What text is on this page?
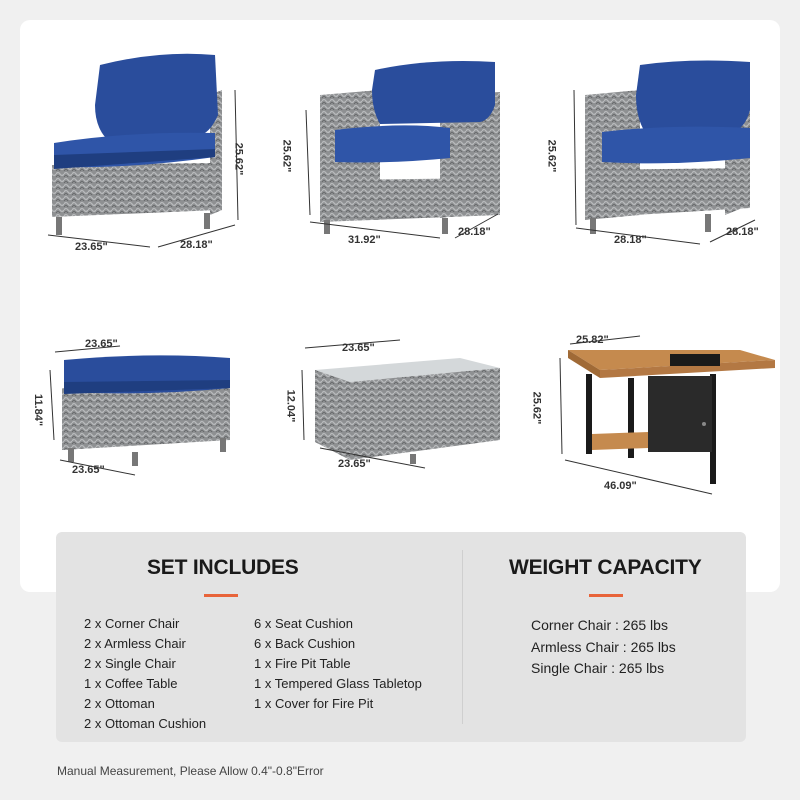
25.62"
23.65"	28.18"
25.62"
31.92"
28.18"
25.62"
28.18"
28.18"
23.65"
11.84"
23.65"
23.65"
12.04"
23.65"
25.82"
25.62"
46.09"
SET INCLUDES
2 x Corner Chair
2 x Armless Chair
2 x Single Chair
1 x Coffee Table
2 x Ottoman
2 x Ottoman Cushion
6 x Seat Cushion
6 x Back Cushion
1 x Fire Pit Table
1 x Tempered Glass Tabletop
1 x Cover for Fire Pit
WEIGHT CAPACITY
Corner Chair : 265 lbs
Armless Chair : 265 lbs
Single Chair : 265 lbs
Manual Measurement, Please Allow 0.4"-0.8"Error
